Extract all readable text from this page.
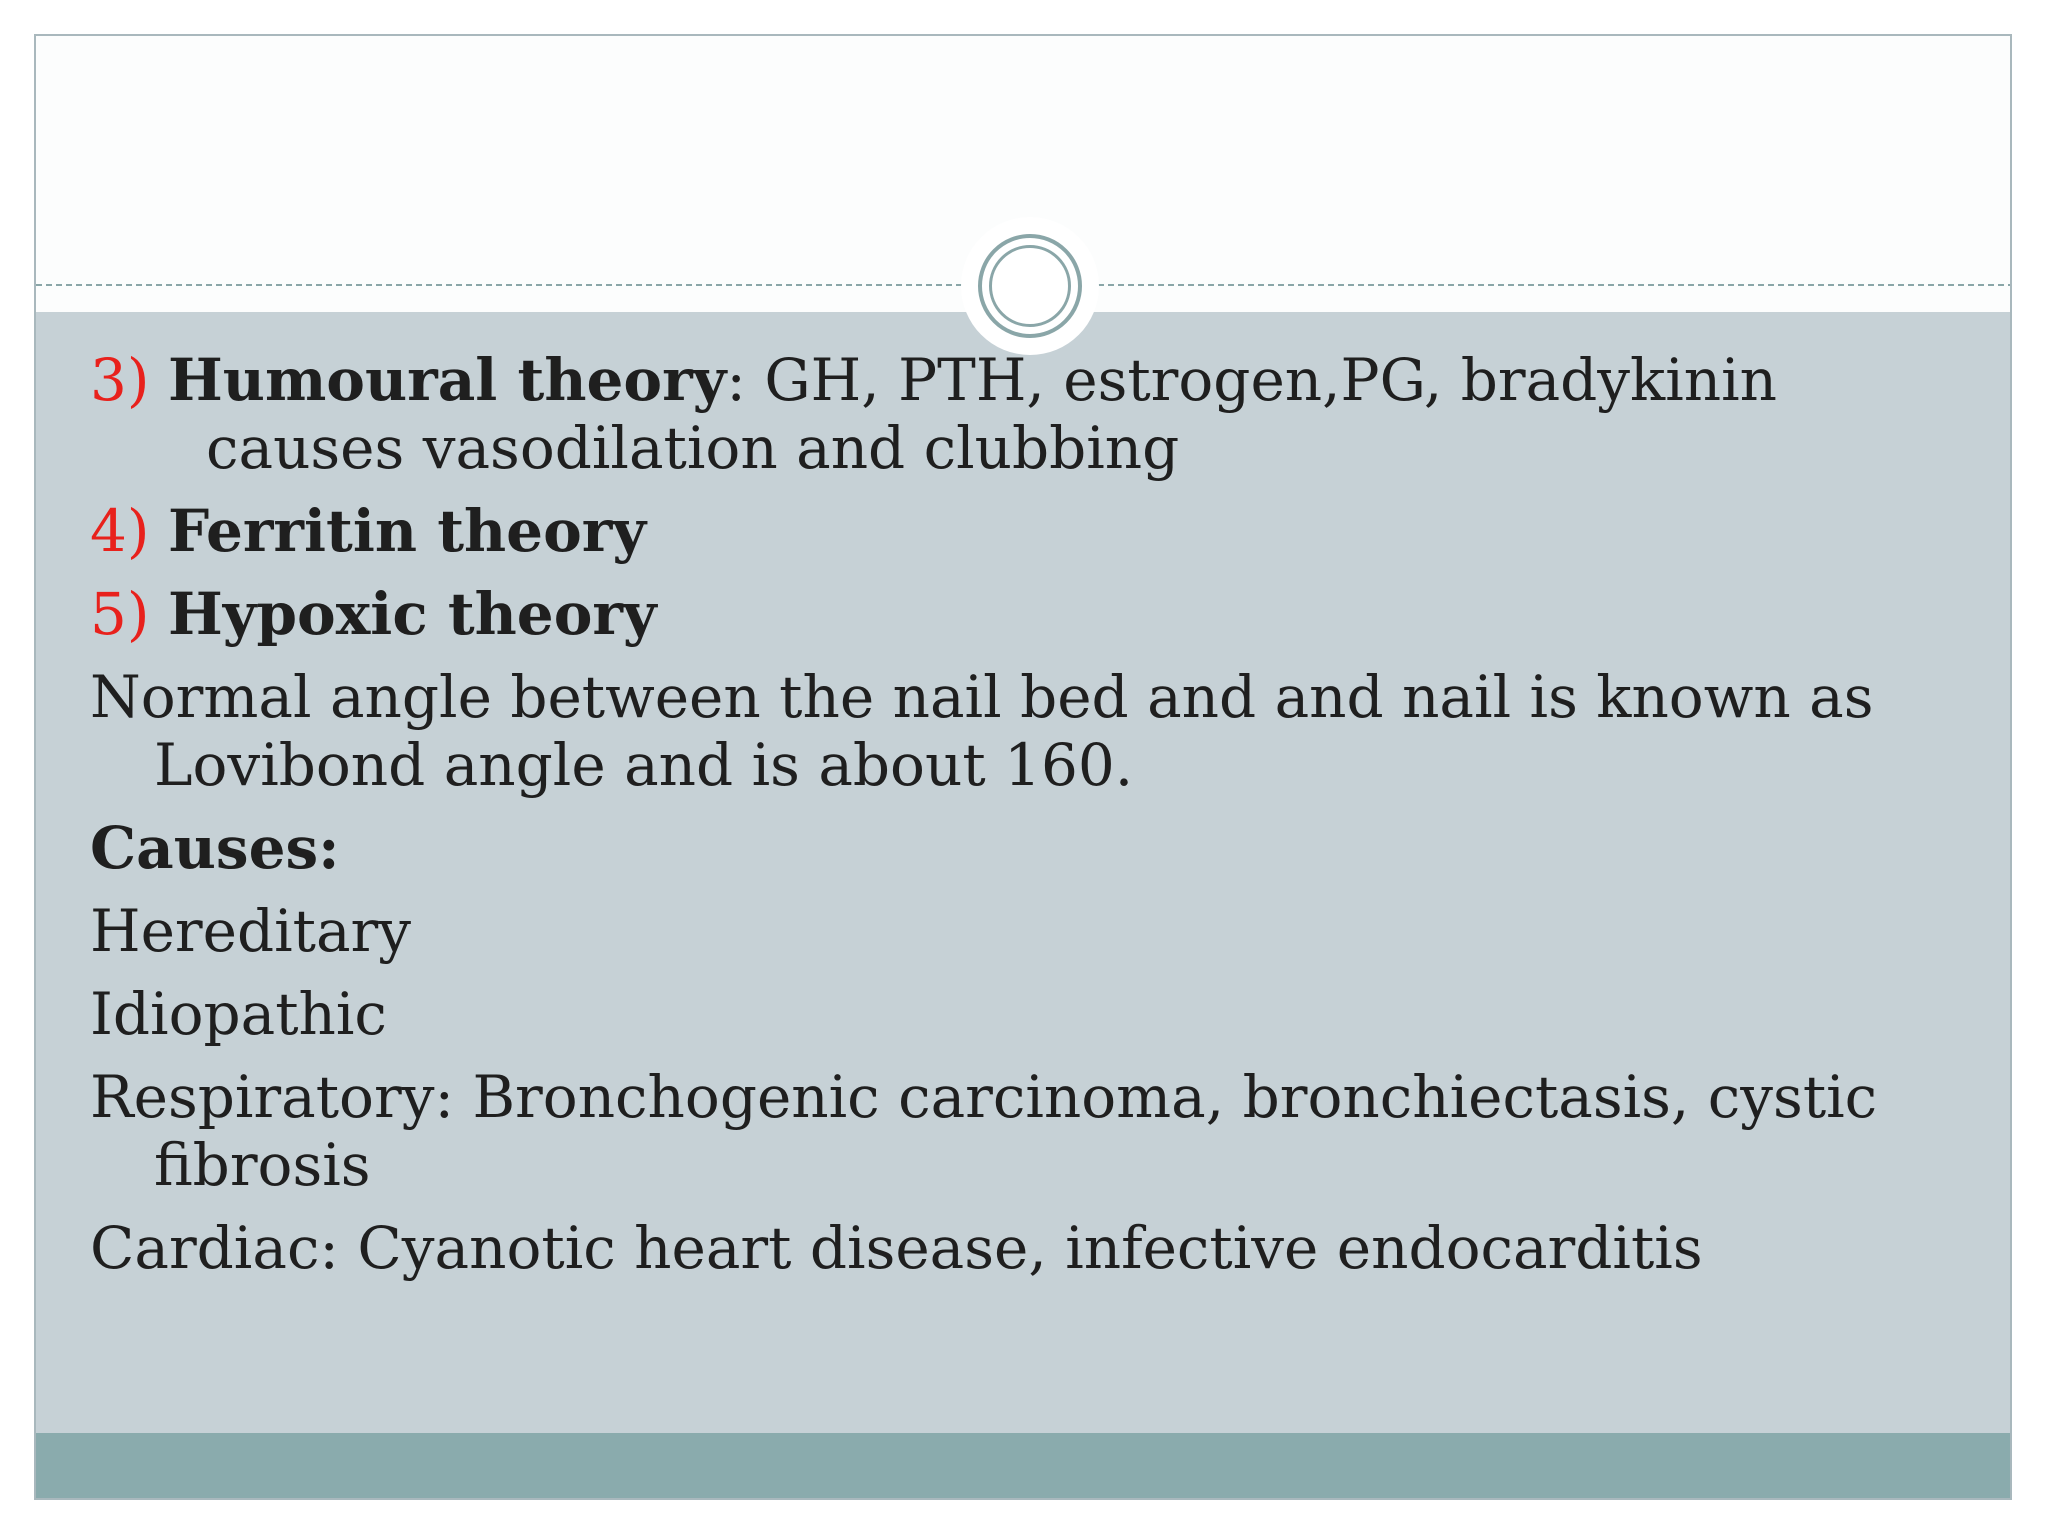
3) Humoural theory: GH, PTH, estrogen,PG, bradykinin causes vasodilation and clubbing

4) Ferritin theory

5) Hypoxic theory

Normal angle between the nail bed and and nail is known as Lovibond angle and is about 160.

Causes:

Hereditary

Idiopathic

Respiratory: Bronchogenic carcinoma, bronchiectasis, cystic fibrosis

Cardiac: Cyanotic heart disease, infective endocarditis
